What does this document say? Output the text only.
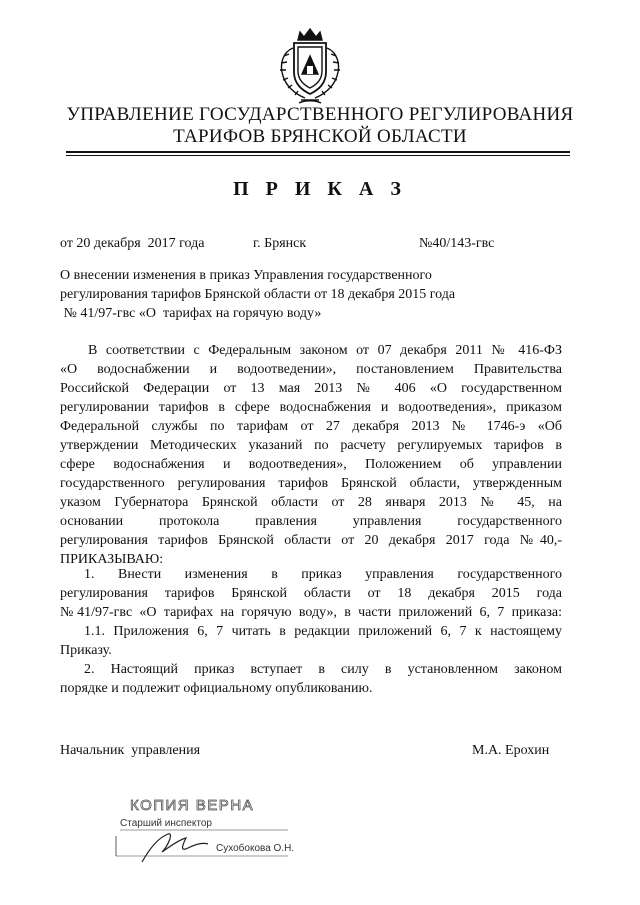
УПРАВЛЕНИЕ ГОСУДАРСТВЕННОГО РЕГУЛИРОВАНИЯ
ТАРИФОВ БРЯНСКОЙ ОБЛАСТИ
П Р И К А З
от 20 декабря  2017 года	г. Брянск	№40/143-гвс
О внесении изменения в приказ Управления государственного
регулирования тарифов Брянской области от 18 декабря 2015 года
№ 41/97-гвс «О  тарифах на горячую воду»
В соответствии с Федеральным законом от 07 декабря 2011 № 416-ФЗ
«О водоснабжении и водоотведении», постановлением Правительства
Российской Федерации от 13 мая 2013 № 406 «О государственном
регулировании тарифов в сфере водоснабжения и водоотведения», приказом
Федеральной службы по тарифам от 27 декабря 2013 № 1746-э «Об
утверждении Методических указаний по расчету регулируемых тарифов в
сфере водоснабжения и водоотведения», Положением об управлении
государственного регулирования тарифов Брянской области, утвержденным
указом Губернатора Брянской области от 28 января 2013 № 45, на
основании протокола правления управления государственного
регулирования тарифов Брянской области от 20 декабря 2017 года №40,-
ПРИКАЗЫВАЮ:
1. Внести изменения в приказ управления государственного
регулирования тарифов Брянской области от 18 декабря 2015 года
№41/97-гвс «О тарифах на горячую воду», в части приложений 6, 7 приказа:
1.1. Приложения 6, 7 читать в редакции приложений 6, 7 к настоящему
Приказу.
2. Настоящий приказ вступает в силу в установленном законом
порядке и подлежит официальному опубликованию.
Начальник  управления	М.А. Ерохин
КОПИЯ ВЕРНА
Старший инспектор
Сухобокова О.Н.
